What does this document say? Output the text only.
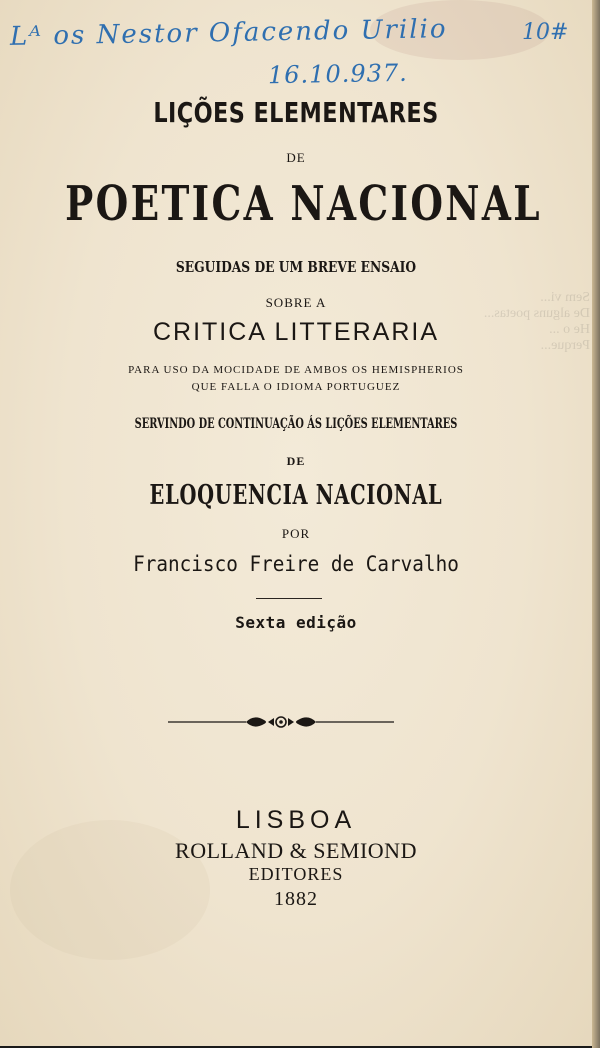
Sem vi...
De alguns poetas...
He o ...
Perque...
Lᴬ os Nestor Ofacendo Urilio
16.10.937.
10#
LIÇÕES ELEMENTARES
DE
POETICA NACIONAL
SEGUIDAS DE UM BREVE ENSAIO
SOBRE A
CRITICA LITTERARIA
PARA USO DA MOCIDADE DE AMBOS OS HEMISPHERIOS
QUE FALLA O IDIOMA PORTUGUEZ
SERVINDO DE CONTINUAÇÃO ÁS LIÇÕES ELEMENTARES
DE
ELOQUENCIA NACIONAL
POR
Francisco Freire de Carvalho
Sexta edição
LISBOA
ROLLAND & SEMIOND
EDITORES
1882
